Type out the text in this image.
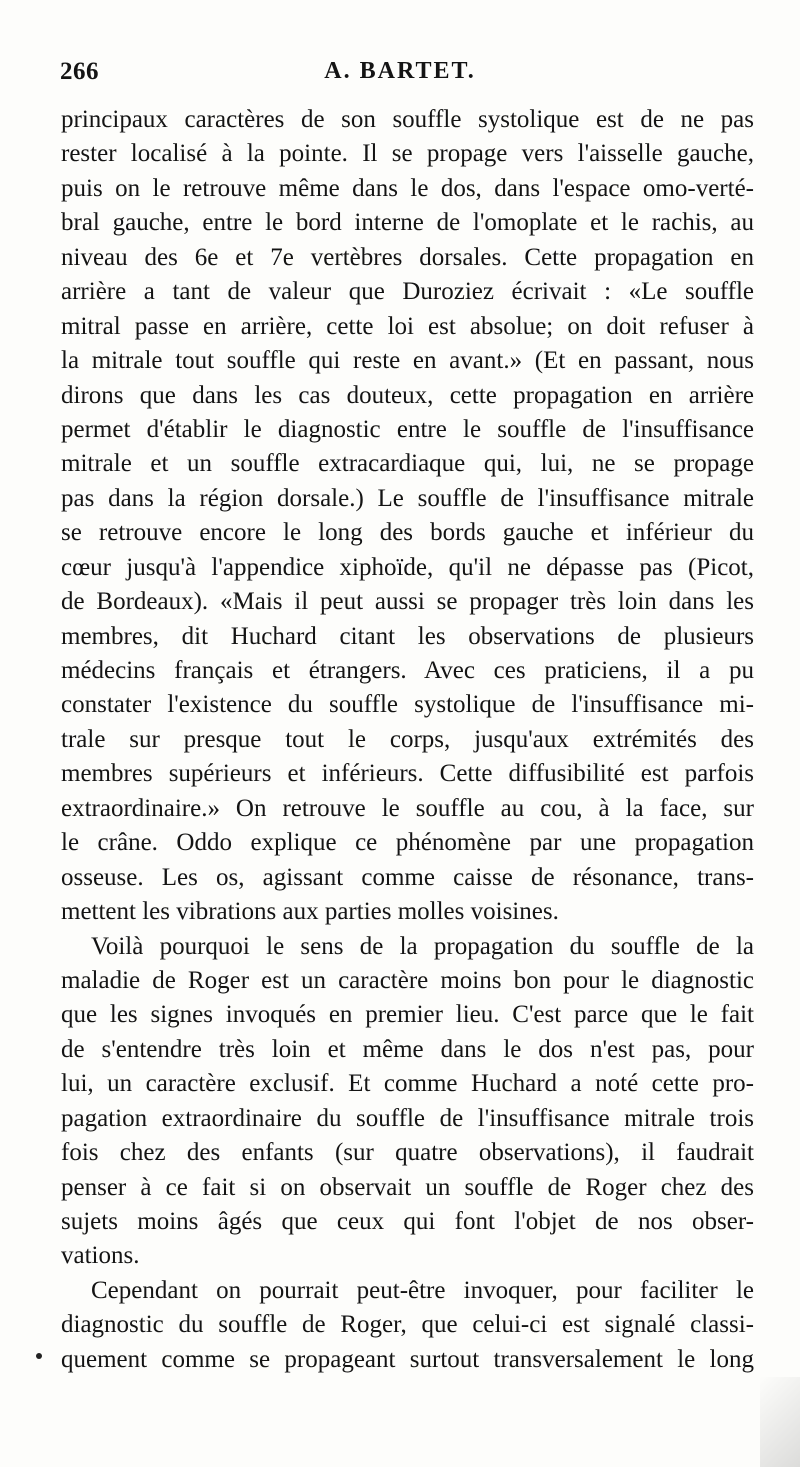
266	A. BARTET.
principaux caractères de son souffle systolique est de ne pas
rester localisé à la pointe. Il se propage vers l'aisselle gauche,
puis on le retrouve même dans le dos, dans l'espace omo-verté-
bral gauche, entre le bord interne de l'omoplate et le rachis, au
niveau des 6e et 7e vertèbres dorsales. Cette propagation en
arrière a tant de valeur que Duroziez écrivait : «Le souffle
mitral passe en arrière, cette loi est absolue; on doit refuser à
la mitrale tout souffle qui reste en avant.» (Et en passant, nous
dirons que dans les cas douteux, cette propagation en arrière
permet d'établir le diagnostic entre le souffle de l'insuffisance
mitrale et un souffle extracardiaque qui, lui, ne se propage
pas dans la région dorsale.) Le souffle de l'insuffisance mitrale
se retrouve encore le long des bords gauche et inférieur du
cœur jusqu'à l'appendice xiphoïde, qu'il ne dépasse pas (Picot,
de Bordeaux). «Mais il peut aussi se propager très loin dans les
membres, dit Huchard citant les observations de plusieurs
médecins français et étrangers. Avec ces praticiens, il a pu
constater l'existence du souffle systolique de l'insuffisance mi-
trale sur presque tout le corps, jusqu'aux extrémités des
membres supérieurs et inférieurs. Cette diffusibilité est parfois
extraordinaire.» On retrouve le souffle au cou, à la face, sur
le crâne. Oddo explique ce phénomène par une propagation
osseuse. Les os, agissant comme caisse de résonance, trans-
mettent les vibrations aux parties molles voisines.
Voilà pourquoi le sens de la propagation du souffle de la
maladie de Roger est un caractère moins bon pour le diagnostic
que les signes invoqués en premier lieu. C'est parce que le fait
de s'entendre très loin et même dans le dos n'est pas, pour
lui, un caractère exclusif. Et comme Huchard a noté cette pro-
pagation extraordinaire du souffle de l'insuffisance mitrale trois
fois chez des enfants (sur quatre observations), il faudrait
penser à ce fait si on observait un souffle de Roger chez des
sujets moins âgés que ceux qui font l'objet de nos obser-
vations.
Cependant on pourrait peut-être invoquer, pour faciliter le
diagnostic du souffle de Roger, que celui-ci est signalé classi-
quement comme se propageant surtout transversalement le long
